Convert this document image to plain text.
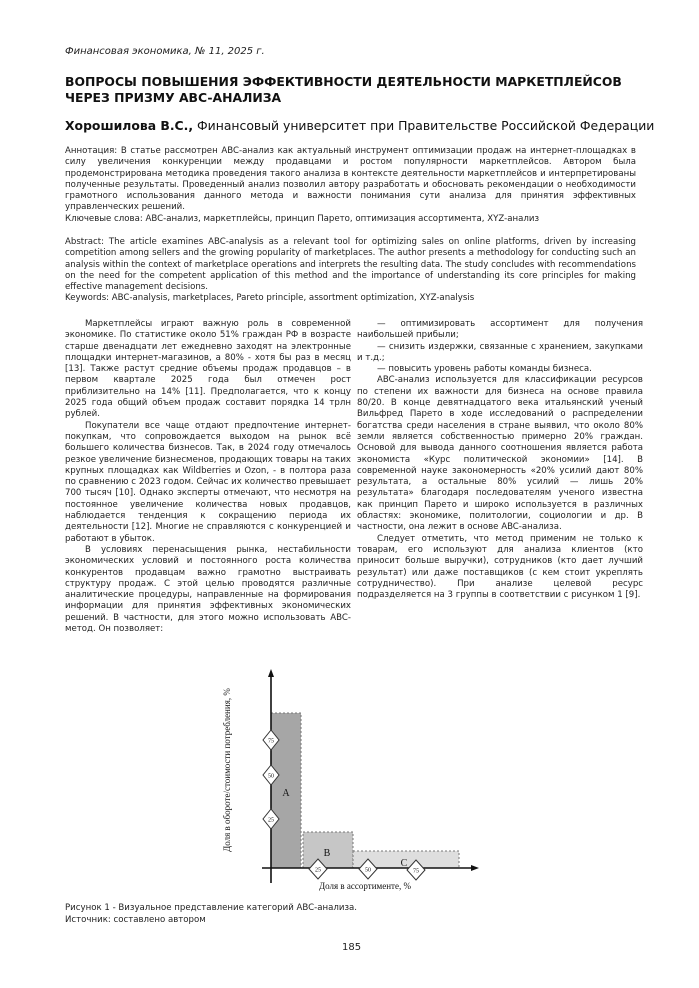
Финансовая экономика, № 11, 2025 г.
ВОПРОСЫ ПОВЫШЕНИЯ ЭФФЕКТИВНОСТИ ДЕЯТЕЛЬНОСТИ МАРКЕТПЛЕЙСОВ ЧЕРЕЗ ПРИЗМУ ABC-АНАЛИЗА
Хорошилова В.С., Финансовый университет при Правительстве Российской Федерации
Аннотация: В статье рассмотрен ABC-анализ как актуальный инструмент оптимизации продаж на интернет-площадках в силу увеличения конкуренции между продавцами и ростом популярности маркетплейсов. Автором была продемонстрирована методика проведения такого анализа в контексте деятельности маркетплейсов и интерпретированы полученные результаты. Проведенный анализ позволил автору разработать и обосновать рекомендации о необходимости грамотного использования данного метода и важности понимания сути анализа для принятия эффективных управленческих решений.
Ключевые слова: ABC-анализ, маркетплейсы, принцип Парето, оптимизация ассортимента, XYZ-анализ
Abstract: The article examines ABC-analysis as a relevant tool for optimizing sales on online platforms, driven by increasing competition among sellers and the growing popularity of marketplaces. The author presents a methodology for conducting such an analysis within the context of marketplace operations and interprets the resulting data. The study concludes with recommendations on the need for the competent application of this method and the importance of understanding its core principles for making effective management decisions.
Keywords: ABC-analysis, marketplaces, Pareto principle, assortment optimization, XYZ-analysis

Маркетплейсы играют важную роль в современной экономике. По статистике около 51% граждан РФ в возрасте старше двенадцати лет ежедневно заходят на электронные площадки интернет-магазинов, а 80% - хотя бы раз в месяц [13]. Также растут средние объемы продаж продавцов – в первом квартале 2025 года был отмечен рост приблизительно на 14% [11]. Предполагается, что к концу 2025 года общий объем продаж составит порядка 14 трлн рублей.

Покупатели все чаще отдают предпочтение интернет-покупкам, что сопровождается выходом на рынок всё большего количества бизнесов. Так, в 2024 году отмечалось резкое увеличение бизнесменов, продающих товары на таких крупных площадках как Wildberries и Ozon, - в полтора раза по сравнению с 2023 годом. Сейчас их количество превышает 700 тысяч [10]. Однако эксперты отмечают, что несмотря на постоянное увеличение количества новых продавцов, наблюдается тенденция к сокращению периода их деятельности [12]. Многие не справляются с конкуренцией и работают в убыток.

В условиях перенасыщения рынка, нестабильности экономических условий и постоянного роста количества конкурентов продавцам важно грамотно выстраивать структуру продаж. С этой целью проводятся различные аналитические процедуры, направленные на формирования информации для принятия эффективных экономических решений. В частности, для этого можно использовать ABC-метод. Он позволяет:

— оптимизировать ассортимент для получения наибольшей прибыли;

— снизить издержки, связанные с хранением, закупками и т.д.;

— повысить уровень работы команды бизнеса.

ABC-анализ используется для классификации ресурсов по степени их важности для бизнеса на основе правила 80/20. В конце девятнадцатого века итальянский ученый Вильфред Парето в ходе исследований о распределении богатства среди населения в стране выявил, что около 80% земли является собственностью примерно 20% граждан. Основой для вывода данного соотношения является работа экономиста «Курс политической экономии» [14]. В современной науке закономерность «20% усилий дают 80% результата, а остальные 80% усилий — лишь 20% результата» благодаря последователям ученого известна как принцип Парето и широко используется в различных областях: экономике, политологии, социологии и др. В частности, она лежит в основе ABC-анализа.

Следует отметить, что метод применим не только к товарам, его используют для анализа клиентов (кто приносит больше выручки), сотрудников (кто дает лучший результат) или даже поставщиков (с кем стоит укреплять сотрудничество). При анализе целевой ресурс подразделяется на 3 группы в соответствии с рисунком 1 [9].

75
50
25
25	50	75
A
B
C
Доля в обороте/стоимости потребления, %
Доля в ассортименте, %
Рисунок 1 - Визуальное представление категорий ABC-анализа.
Источник: составлено автором
185
